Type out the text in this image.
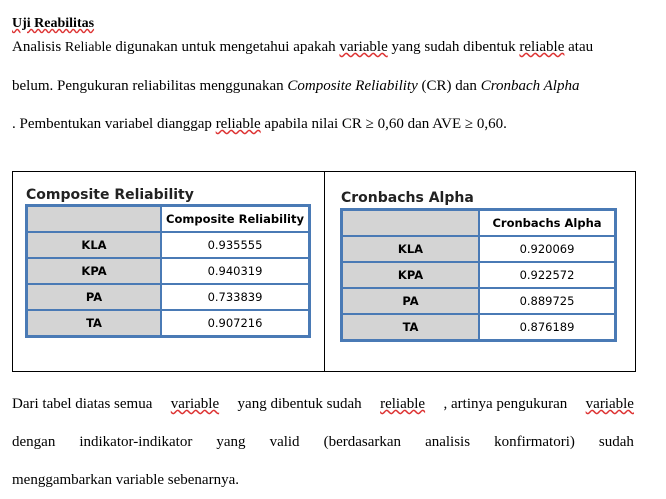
Uji Reabilitas
Analisis Reliable digunakan untuk mengetahui apakah variable yang sudah dibentuk reliable atau
belum. Pengukuran reliabilitas menggunakan Composite Reliability (CR) dan Cronbach Alpha
. Pembentukan variabel dianggap reliable apabila nilai CR ≥ 0,60 dan AVE ≥ 0,60.
Composite Reliability
	Composite Reliability
KLA	0.935555
KPA	0.940319
PA	0.733839
TA	0.907216
Cronbachs Alpha
	Cronbachs Alpha
KLA	0.920069
KPA	0.922572
PA	0.889725
TA	0.876189
Dari tabel diatas semua variable yang dibentuk sudah reliable , artinya pengukuran variable
dengan indikator-indikator yang valid (berdasarkan analisis konfirmatori) sudah
menggambarkan variable sebenarnya.
